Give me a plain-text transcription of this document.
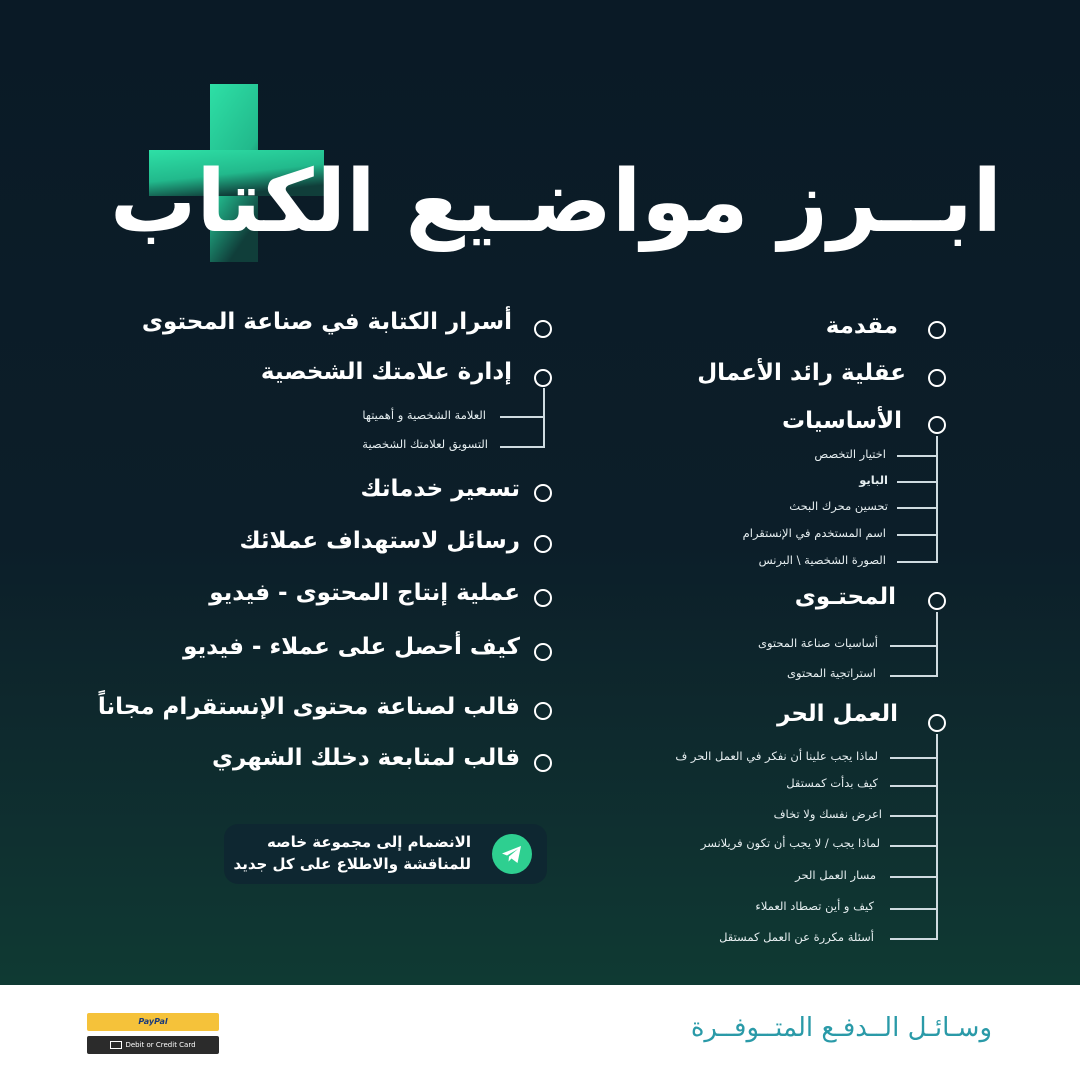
ابــرز مواضـيع الكتاب
أسرار الكتابة في صناعة المحتوى
إدارة علامتك الشخصية
العلامة الشخصية و أهميتها
التسويق لعلامتك الشخصية
تسعير خدماتك
رسائل لاستهداف عملائك
عملية إنتاج المحتوى - فيديو
كيف أحصل على عملاء - فيديو
قالب لصناعة محتوى الإنستقرام مجاناً
قالب لمتابعة دخلك الشهري
مقدمة
عقلية رائد الأعمال
الأساسيات
اختيار التخصص
البايو
تحسين محرك البحث
اسم المستخدم في الإنستقرام
الصورة الشخصية \ البرنس
المحتـوى
أساسيات صناعة المحتوى
استراتجية المحتوى
العمل الحر
لماذا يجب علينا أن نفكر في العمل الحر ف
كيف بدأت كمستقل
اعرض نفسك ولا تخاف
لماذا يجب / لا يجب أن تكون فريلانسر
مسار العمل الحر
كيف و أين تصطاد العملاء
أسئلة مكررة عن العمل كمستقل
الانضمام إلى مجموعة خاصه
للمناقشة والاطلاع على كل جديد
PayPal
Debit or Credit Card
وسـائـل الــدفـع المتــوفــرة
